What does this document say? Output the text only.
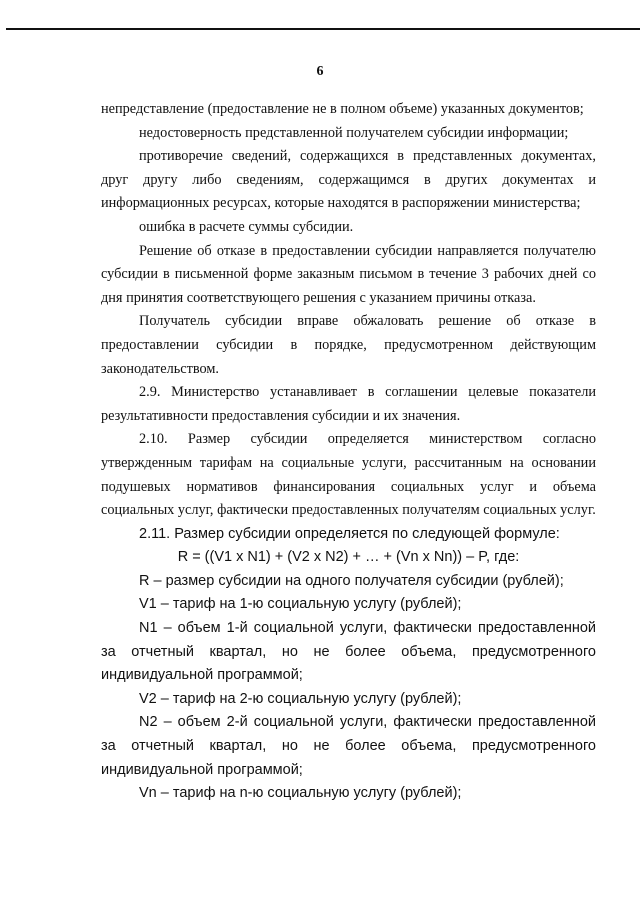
6

непредставление (предоставление не в полном объеме) указанных документов;

недостоверность представленной получателем субсидии информации;

противоречие сведений, содержащихся в представленных документах, друг другу либо сведениям, содержащимся в других документах и информационных ресурсах, которые находятся в распоряжении министерства;

ошибка в расчете суммы субсидии.

Решение об отказе в предоставлении субсидии направляется получателю субсидии в письменной форме заказным письмом в течение 3 рабочих дней со дня принятия соответствующего решения с указанием причины отказа.

Получатель субсидии вправе обжаловать решение об отказе в предоставлении субсидии в порядке, предусмотренном действующим законодательством.

2.9. Министерство устанавливает в соглашении целевые показатели результативности предоставления субсидии и их значения.

2.10. Размер субсидии определяется министерством согласно утвержденным тарифам на социальные услуги, рассчитанным на основании подушевых нормативов финансирования социальных услуг и объема социальных услуг, фактически предоставленных получателям социальных услуг.

2.11. Размер субсидии определяется по следующей формуле:

R = ((V1 x N1) + (V2 x N2) + … + (Vn x Nn)) – P, где:

R – размер субсидии на одного получателя субсидии (рублей);

V1 – тариф на 1-ю социальную услугу (рублей);

N1 – объем 1-й социальной услуги, фактически предоставленной за отчетный квартал, но не более объема, предусмотренного индивидуальной программой;

V2 – тариф на 2-ю социальную услугу (рублей);

N2 – объем 2-й социальной услуги, фактически предоставленной за отчетный квартал, но не более объема, предусмотренного индивидуальной программой;

Vn – тариф на n-ю социальную услугу (рублей);
